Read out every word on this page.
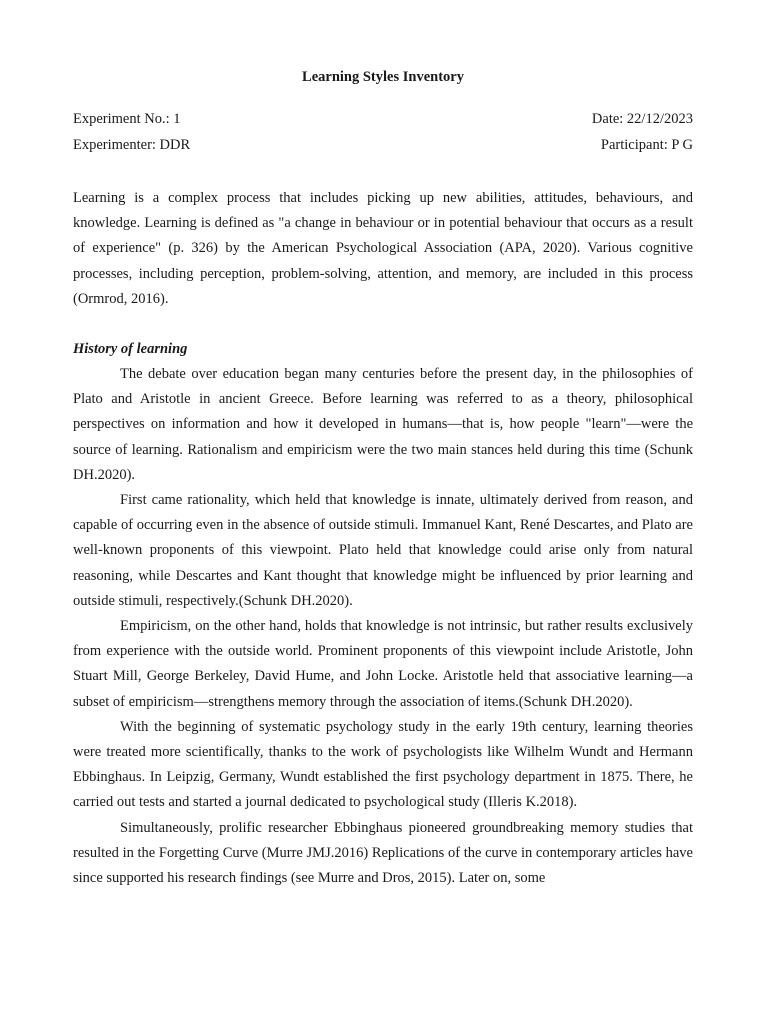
Learning Styles Inventory
Experiment No.: 1	Date: 22/12/2023
Experimenter: DDR	Participant: P G

Learning is a complex process that includes picking up new abilities, attitudes, behaviours, and knowledge. Learning is defined as "a change in behaviour or in potential behaviour that occurs as a result of experience" (p. 326) by the American Psychological Association (APA, 2020). Various cognitive processes, including perception, problem-solving, attention, and memory, are included in this process (Ormrod, 2016).

History of learning

The debate over education began many centuries before the present day, in the philosophies of Plato and Aristotle in ancient Greece. Before learning was referred to as a theory, philosophical perspectives on information and how it developed in humans—that is, how people "learn"—were the source of learning. Rationalism and empiricism were the two main stances held during this time (Schunk DH.2020).

First came rationality, which held that knowledge is innate, ultimately derived from reason, and capable of occurring even in the absence of outside stimuli. Immanuel Kant, René Descartes, and Plato are well-known proponents of this viewpoint. Plato held that knowledge could arise only from natural reasoning, while Descartes and Kant thought that knowledge might be influenced by prior learning and outside stimuli, respectively.(Schunk DH.2020).

Empiricism, on the other hand, holds that knowledge is not intrinsic, but rather results exclusively from experience with the outside world. Prominent proponents of this viewpoint include Aristotle, John Stuart Mill, George Berkeley, David Hume, and John Locke. Aristotle held that associative learning—a subset of empiricism—strengthens memory through the association of items.(Schunk DH.2020).

With the beginning of systematic psychology study in the early 19th century, learning theories were treated more scientifically, thanks to the work of psychologists like Wilhelm Wundt and Hermann Ebbinghaus. In Leipzig, Germany, Wundt established the first psychology department in 1875. There, he carried out tests and started a journal dedicated to psychological study (Illeris K.2018).

Simultaneously, prolific researcher Ebbinghaus pioneered groundbreaking memory studies that resulted in the Forgetting Curve (Murre JMJ.2016) Replications of the curve in contemporary articles have since supported his research findings (see Murre and Dros, 2015). Later on, some
